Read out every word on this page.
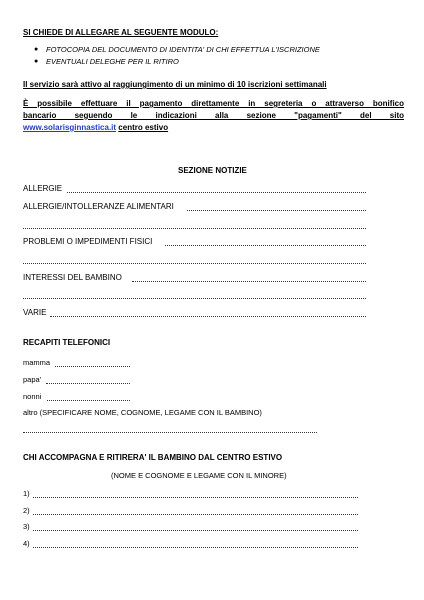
SI CHIEDE DI ALLEGARE AL SEGUENTE MODULO:
● FOTOCOPIA DEL DOCUMENTO DI IDENTITA' DI CHI EFFETTUA L'ISCRIZIONE
● EVENTUALI DELEGHE PER IL RITIRO
Il servizio sarà attivo al raggiungimento di un minimo di 10 iscrizioni settimanali
È possibile effettuare il pagamento direttamente in segreteria o attraverso bonifico
bancario seguendo le indicazioni alla sezione "pagamenti" del sito
www.solarisginnastica.it centro estivo
SEZIONE NOTIZIE
ALLERGIE
ALLERGIE/INTOLLERANZE ALIMENTARI
PROBLEMI O IMPEDIMENTI FISICI
INTERESSI DEL BAMBINO
VARIE
RECAPITI TELEFONICI
mamma
papa'
nonni
altro (SPECIFICARE NOME, COGNOME, LEGAME CON IL BAMBINO)
CHI ACCOMPAGNA E RITIRERA' IL BAMBINO DAL CENTRO ESTIVO
(NOME E COGNOME E LEGAME CON IL MINORE)
1)
2)
3)
4)
